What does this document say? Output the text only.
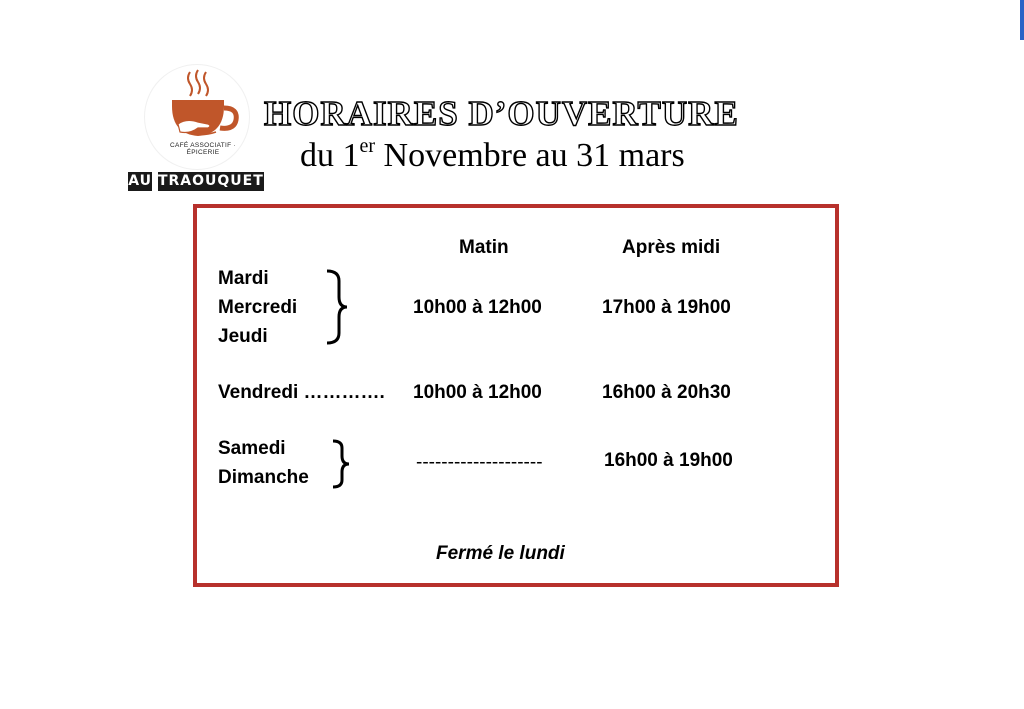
CAFÉ ASSOCIATIF · ÉPICERIE
AU TRAOUQUET
HORAIRES D’OUVERTURE
du 1er Novembre au 31 mars
Matin	Après midi
Mardi
Mercredi
Jeudi
10h00 à 12h00	17h00 à 19h00
Vendredi …………. 10h00 à 12h00	16h00 à 20h30
Samedi
Dimanche
--------------------	16h00 à 19h00
Fermé le lundi
